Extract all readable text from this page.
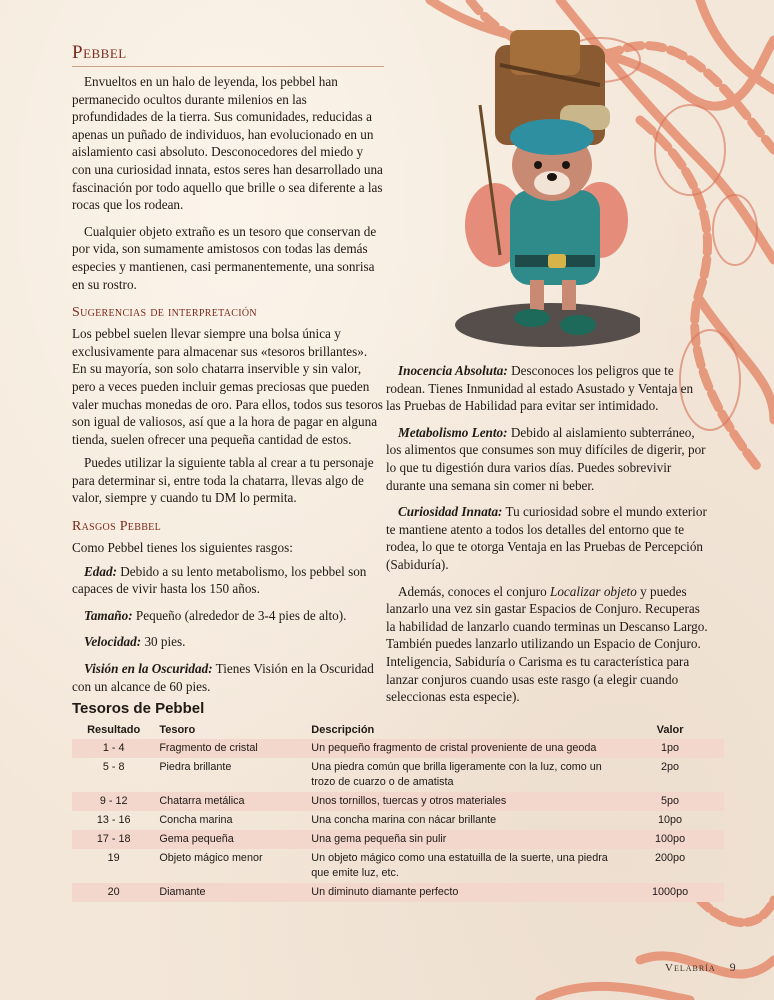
Pebbel

Envueltos en un halo de leyenda, los pebbel han permanecido ocultos durante milenios en las profundidades de la tierra. Sus comunidades, reducidas a apenas un puñado de individuos, han evolucionado en un aislamiento casi absoluto. Desconocedores del miedo y con una curiosidad innata, estos seres han desarrollado una fascinación por todo aquello que brille o sea diferente a las rocas que los rodean.

Cualquier objeto extraño es un tesoro que conservan de por vida, son sumamente amistosos con todas las demás especies y mantienen, casi permanentemente, una sonrisa en su rostro.

Sugerencias de interpretación

Los pebbel suelen llevar siempre una bolsa única y exclusivamente para almacenar sus «tesoros brillantes». En su mayoría, son solo chatarra inservible y sin valor, pero a veces pueden incluir gemas preciosas que pueden valer muchas monedas de oro. Para ellos, todos sus tesoros son igual de valiosos, así que a la hora de pagar en alguna tienda, suelen ofrecer una pequeña cantidad de estos.

Puedes utilizar la siguiente tabla al crear a tu personaje para determinar si, entre toda la chatarra, llevas algo de valor, siempre y cuando tu DM lo permita.

Rasgos Pebbel

Como Pebbel tienes los siguientes rasgos:

Edad: Debido a su lento metabolismo, los pebbel son capaces de vivir hasta los 150 años.

Tamaño: Pequeño (alrededor de 3-4 pies de alto).

Velocidad: 30 pies.

Visión en la Oscuridad: Tienes Visión en la Oscuridad con un alcance de 60 pies.

Inocencia Absoluta: Desconoces los peligros que te rodean. Tienes Inmunidad al estado Asustado y Ventaja en las Pruebas de Habilidad para evitar ser intimidado.

Metabolismo Lento: Debido al aislamiento subterráneo, los alimentos que consumes son muy difíciles de digerir, por lo que tu digestión dura varios días. Puedes sobrevivir durante una semana sin comer ni beber.

Curiosidad Innata: Tu curiosidad sobre el mundo exterior te mantiene atento a todos los detalles del entorno que te rodea, lo que te otorga Ventaja en las Pruebas de Percepción (Sabiduría).

Además, conoces el conjuro Localizar objeto y puedes lanzarlo una vez sin gastar Espacios de Conjuro. Recuperas la habilidad de lanzarlo cuando terminas un Descanso Largo. También puedes lanzarlo utilizando un Espacio de Conjuro. Inteligencia, Sabiduría o Carisma es tu característica para lanzar conjuros cuando usas este rasgo (a elegir cuando seleccionas esta especie).

Tesoros de Pebbel
Resultado	Tesoro	Descripción	Valor
1 - 4	Fragmento de cristal	Un pequeño fragmento de cristal proveniente de una geoda	1po
5 - 8	Piedra brillante	Una piedra común que brilla ligeramente con la luz, como un trozo de cuarzo o de amatista	2po
9 - 12	Chatarra metálica	Unos tornillos, tuercas y otros materiales	5po
13 - 16	Concha marina	Una concha marina con nácar brillante	10po
17 - 18	Gema pequeña	Una gema pequeña sin pulir	100po
19	Objeto mágico menor	Un objeto mágico como una estatuilla de la suerte, una piedra que emite luz, etc.	200po
20	Diamante	Un diminuto diamante perfecto	1000po
Velabría 9
